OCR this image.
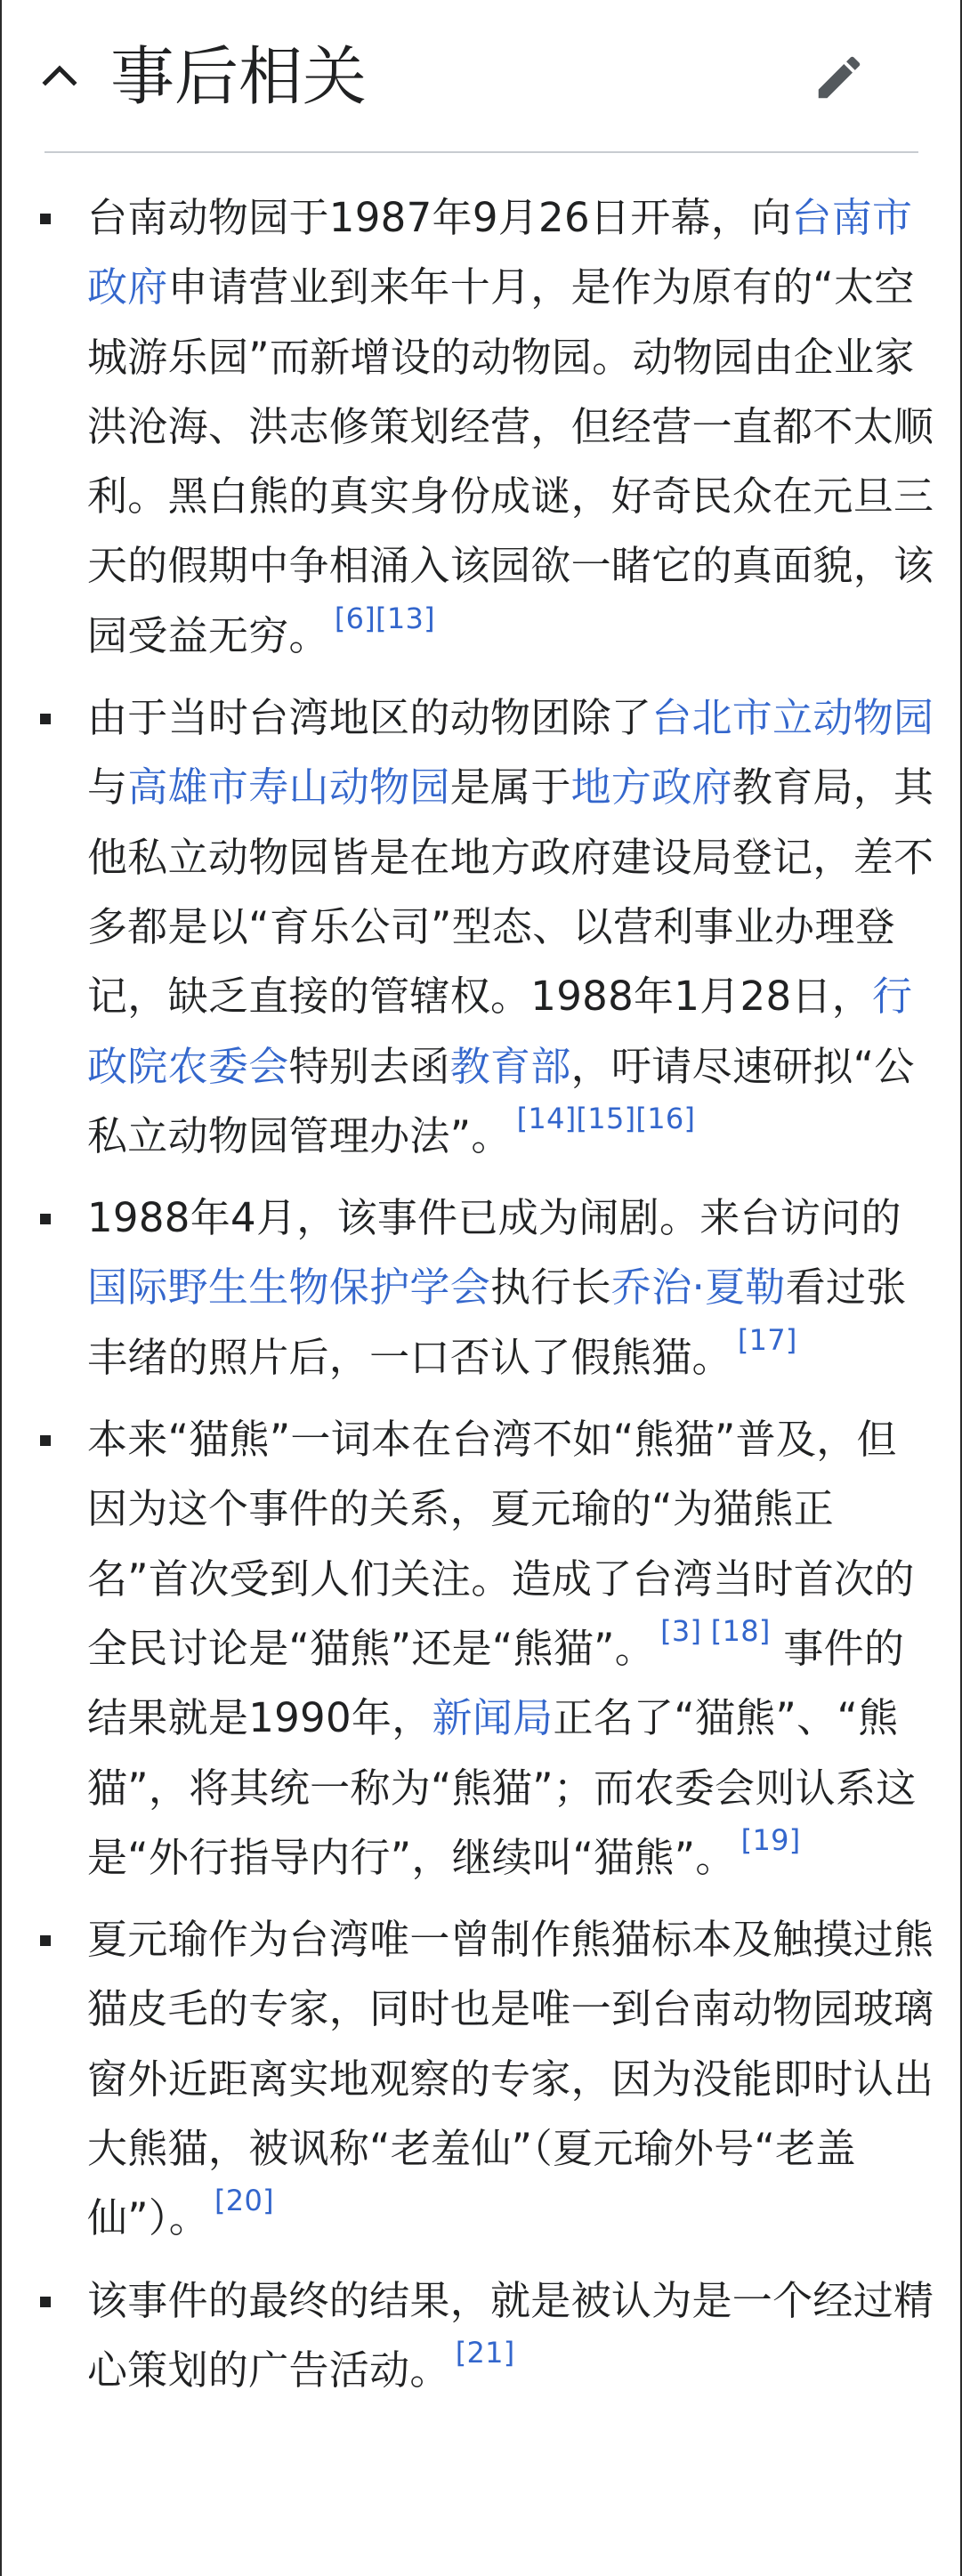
事后相关
台南动物园于1987年9月26日开幕，向台南市政府申请营业到来年十月，是作为原有的“太空城游乐园”而新增设的动物园。动物园由企业家洪沧海、洪志修策划经营，但经营一直都不太顺利。黑白熊的真实身份成谜，好奇民众在元旦三天的假期中争相涌入该园欲一睹它的真面貌，该园受益无穷。 [6][13]
由于当时台湾地区的动物团除了台北市立动物园与高雄市寿山动物园是属于地方政府教育局，其他私立动物园皆是在地方政府建设局登记，差不多都是以“育乐公司”型态、以营利事业办理登记，缺乏直接的管辖权。1988年1月28日，行政院农委会特别去函教育部，吁请尽速研拟“公私立动物园管理办法”。 [14][15][16]
1988年4月，该事件已成为闹剧。来台访问的国际野生生物保护学会执行长乔治·夏勒看过张丰绪的照片后，一口否认了假熊猫。 [17]
本来“猫熊”一词本在台湾不如“熊猫”普及，但因为这个事件的关系，夏元瑜的“为猫熊正名”首次受到人们关注。造成了台湾当时首次的全民讨论是“猫熊”还是“熊猫”。 [3] [18] 事件的结果就是1990年，新闻局正名了“猫熊”、“熊猫”，将其统一称为“熊猫”；而农委会则认系这是“外行指导内行”，继续叫“猫熊”。 [19]
夏元瑜作为台湾唯一曾制作熊猫标本及触摸过熊猫皮毛的专家，同时也是唯一到台南动物园玻璃窗外近距离实地观察的专家，因为没能即时认出大熊猫，被讽称“老羞仙”（夏元瑜外号“老盖仙”）。 [20]
该事件的最终的结果，就是被认为是一个经过精心策划的广告活动。 [21]
